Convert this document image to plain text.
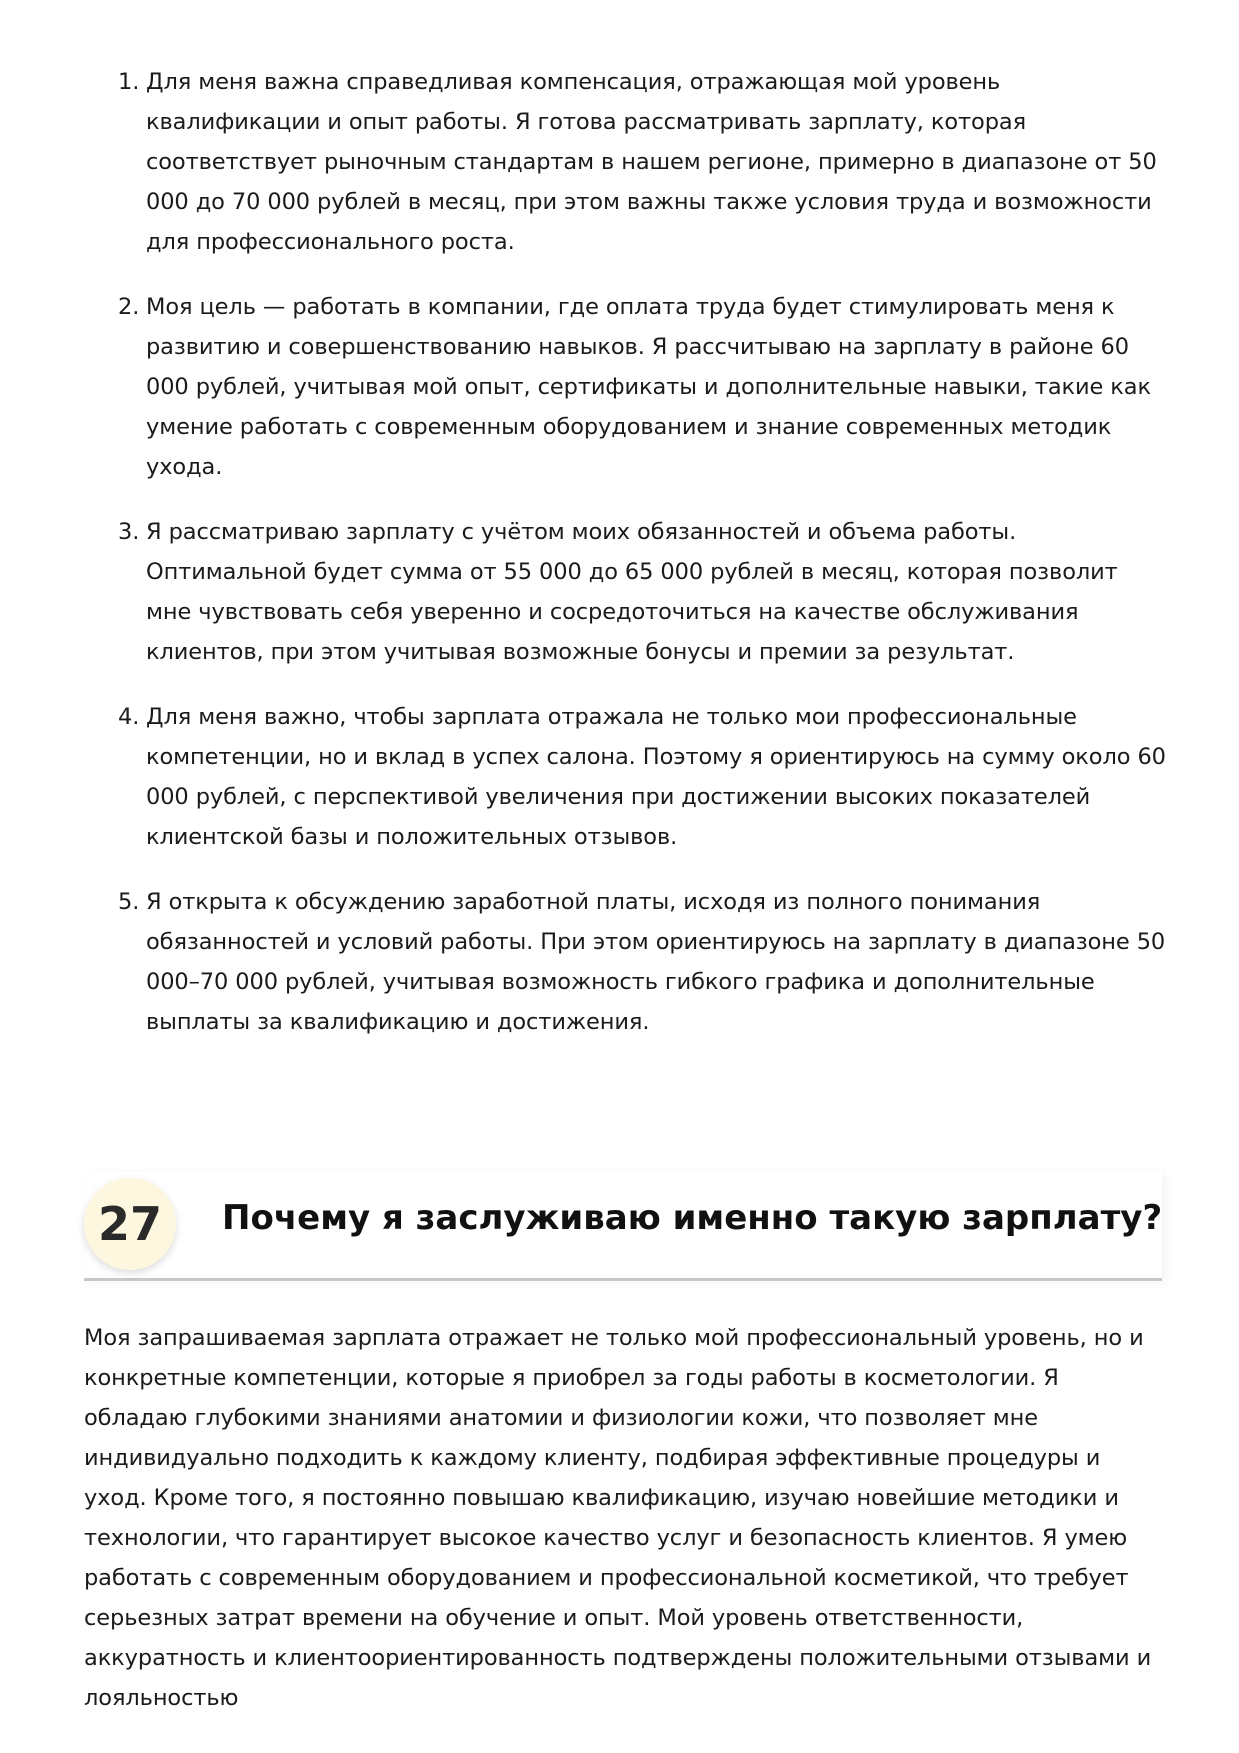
1. Для меня важна справедливая компенсация, отражающая мой уровень квалификации и опыт работы. Я готова рассматривать зарплату, которая соответствует рыночным стандартам в нашем регионе, примерно в диапазоне от 50 000 до 70 000 рублей в месяц, при этом важны также условия труда и возможности для профессионального роста.
2. Моя цель — работать в компании, где оплата труда будет стимулировать меня к развитию и совершенствованию навыков. Я рассчитываю на зарплату в районе 60 000 рублей, учитывая мой опыт, сертификаты и дополнительные навыки, такие как умение работать с современным оборудованием и знание современных методик ухода.
3. Я рассматриваю зарплату с учётом моих обязанностей и объема работы. Оптимальной будет сумма от 55 000 до 65 000 рублей в месяц, которая позволит мне чувствовать себя уверенно и сосредоточиться на качестве обслуживания клиентов, при этом учитывая возможные бонусы и премии за результат.
4. Для меня важно, чтобы зарплата отражала не только мои профессиональные компетенции, но и вклад в успех салона. Поэтому я ориентируюсь на сумму около 60 000 рублей, с перспективой увеличения при достижении высоких показателей клиентской базы и положительных отзывов.
5. Я открыта к обсуждению заработной платы, исходя из полного понимания обязанностей и условий работы. При этом ориентируюсь на зарплату в диапазоне 50 000–70 000 рублей, учитывая возможность гибкого графика и дополнительные выплаты за квалификацию и достижения.
27	Почему я заслуживаю именно такую зарплату?

Моя запрашиваемая зарплата отражает не только мой профессиональный уровень, но и конкретные компетенции, которые я приобрел за годы работы в косметологии. Я обладаю глубокими знаниями анатомии и физиологии кожи, что позволяет мне индивидуально подходить к каждому клиенту, подбирая эффективные процедуры и уход. Кроме того, я постоянно повышаю квалификацию, изучаю новейшие методики и технологии, что гарантирует высокое качество услуг и безопасность клиентов. Я умею работать с современным оборудованием и профессиональной косметикой, что требует серьезных затрат времени на обучение и опыт. Мой уровень ответственности, аккуратность и клиентоориентированность подтверждены положительными отзывами и лояльностью
